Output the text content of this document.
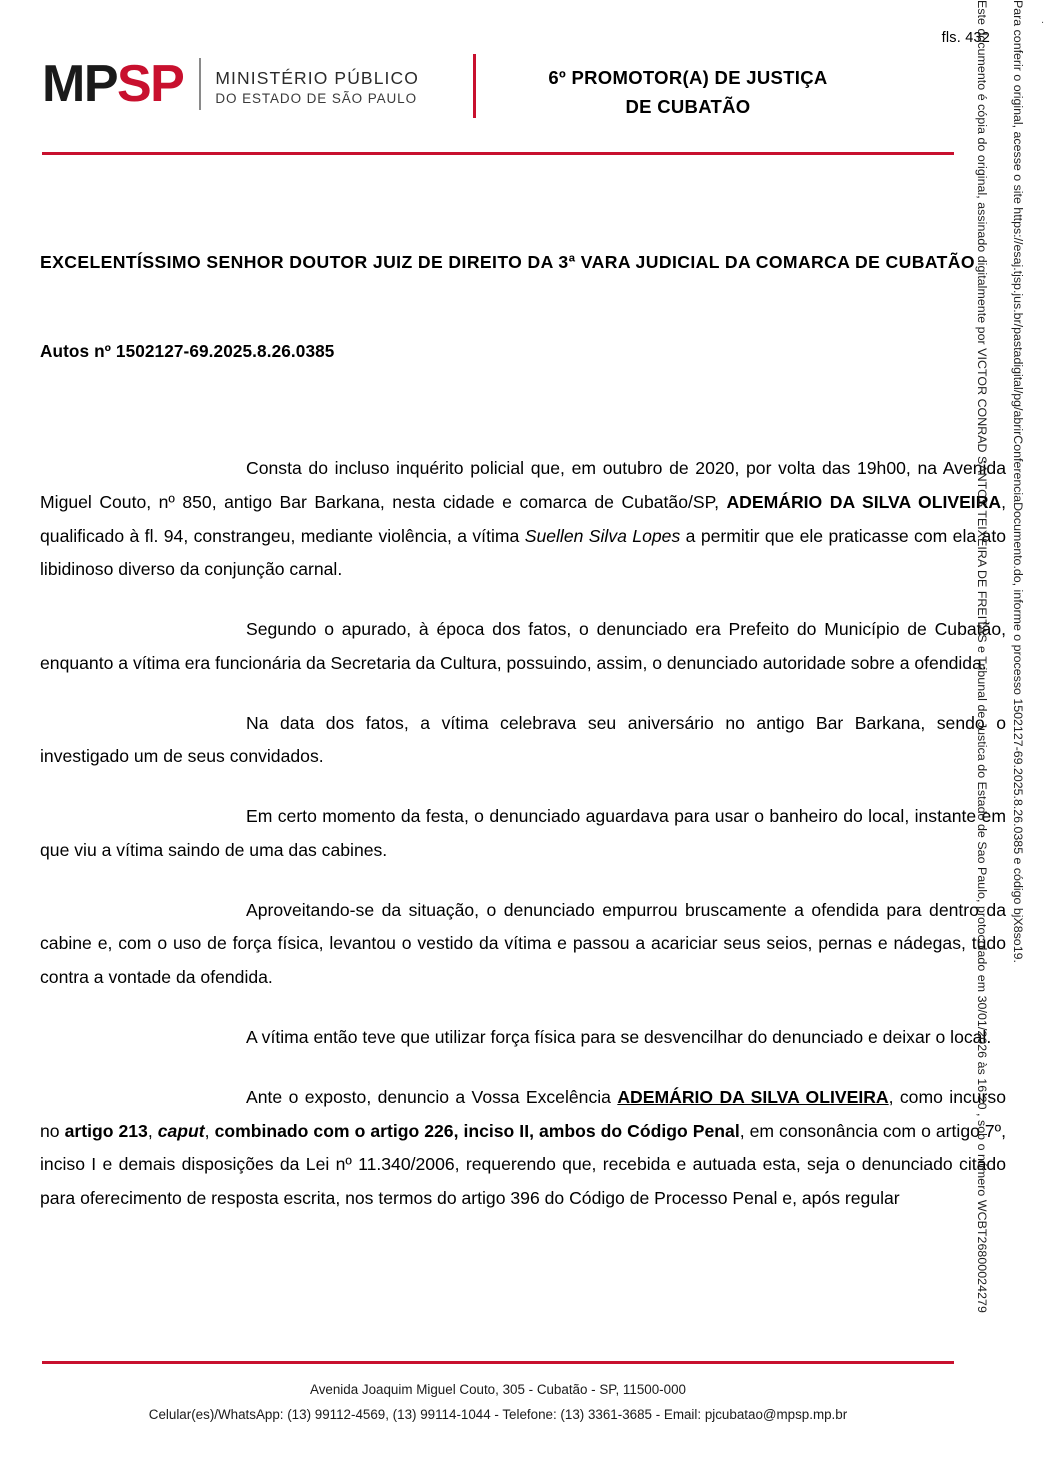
fls. 432
MPSP MINISTÉRIO PÚBLICO
DO ESTADO DE SÃO PAULO
6º PROMOTOR(A) DE JUSTIÇA
DE CUBATÃO
EXCELENTÍSSIMO SENHOR DOUTOR JUIZ DE DIREITO DA 3ª VARA JUDICIAL DA COMARCA DE CUBATÃO
Autos nº 1502127-69.2025.8.26.0385

Consta do incluso inquérito policial que, em outubro de 2020, por volta das 19h00, na Avenida Miguel Couto, nº 850, antigo Bar Barkana, nesta cidade e comarca de Cubatão/SP, ADEMÁRIO DA SILVA OLIVEIRA, qualificado à fl. 94, constrangeu, mediante violência, a vítima Suellen Silva Lopes a permitir que ele praticasse com ela ato libidinoso diverso da conjunção carnal.

Segundo o apurado, à época dos fatos, o denunciado era Prefeito do Município de Cubatão, enquanto a vítima era funcionária da Secretaria da Cultura, possuindo, assim, o denunciado autoridade sobre a ofendida.

Na data dos fatos, a vítima celebrava seu aniversário no antigo Bar Barkana, sendo o investigado um de seus convidados.

Em certo momento da festa, o denunciado aguardava para usar o banheiro do local, instante em que viu a vítima saindo de uma das cabines.

Aproveitando-se da situação, o denunciado empurrou bruscamente a ofendida para dentro da cabine e, com o uso de força física, levantou o vestido da vítima e passou a acariciar seus seios, pernas e nádegas, tudo contra a vontade da ofendida.

A vítima então teve que utilizar força física para se desvencilhar do denunciado e deixar o local.

Ante o exposto, denuncio a Vossa Excelência ADEMÁRIO DA SILVA OLIVEIRA, como incurso no artigo 213, caput, combinado com o artigo 226, inciso II, ambos do Código Penal, em consonância com o artigo 7º, inciso I e demais disposições da Lei nº 11.340/2006, requerendo que, recebida e autuada esta, seja o denunciado citado para oferecimento de resposta escrita, nos termos do artigo 396 do Código de Processo Penal e, após regular

Avenida Joaquim Miguel Couto, 305 - Cubatão - SP, 11500-000
Celular(es)/WhatsApp: (13) 99112-4569, (13) 99114-1044 - Telefone: (13) 3361-3685 - Email: pjcubatao@mpsp.mp.br
Este documento é cópia do original, assinado digitalmente por VICTOR CONRAD SANTOS TEIXEIRA DE FREITAS e Tribunal de Justica do Estado de Sao Paulo, protocolado em 30/01/2026 às 16:20 , sob o número WCBT26800024279	Para conferir o original, acesse o site https://esaj.tjsp.jus.br/pastadigital/pg/abrirConferenciaDocumento.do, informe o processo 1502127-69.2025.8.26.0385 e código bjX8so19. .
